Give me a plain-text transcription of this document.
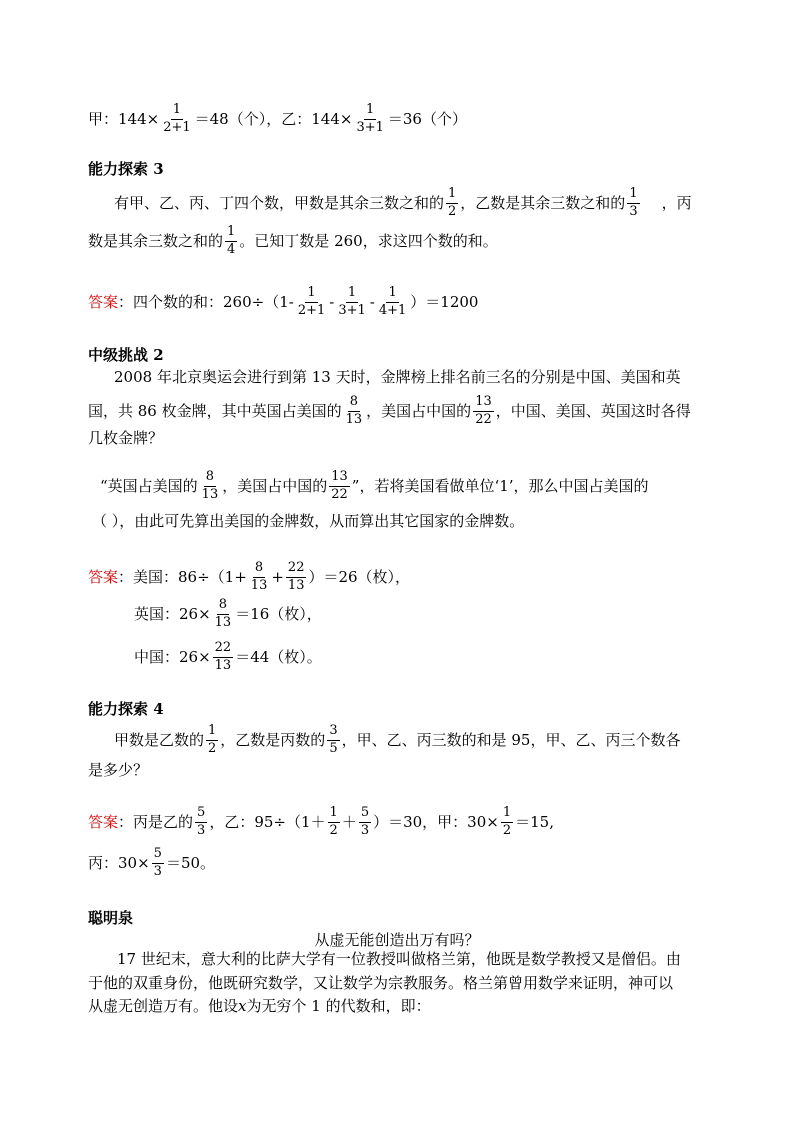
甲：$144\times \frac{1}{2+1} =48$（个），乙：$144\times \frac{1}{3+1} =36$（个）
能力探索 3
有甲、乙、丙、丁四个数，甲数是其余三数之和的 $\frac{1}{2}$ ，乙数是其余三数之和的 $\frac{1}{3}$ ，丙
数是其余三数之和的 $\frac{1}{4}$ 。已知丁数是 260，求这四个数的和。
答案 ：四个数的和：$260\div(1- \frac{1}{2+1} - \frac{1}{3+1} - \frac{1}{4+1} )=1200$
中级挑战 2
2008 年北京奥运会进行到第 13 天时，金牌榜上排名前三名的分别是中国、美国和英
国，共 86 枚金牌，其中英国占美国的 $\frac{8}{13}$ ，美国占中国的 $\frac{13}{22}$ ，中国、美国、英国这时各得
几枚金牌？
“英国占美国的 $\frac{8}{13}$ ，美国占中国的 $\frac{13}{22}$ ”，若将美国看做单位‘1’，那么中国占美国的
（ ），由此可先算出美国的金牌数，从而算出其它国家的金牌数。
答案 ：美国：$86\div(1+ \frac{8}{13} + \frac{22}{13} )=26$（枚），
英国：$26\times \frac{8}{13} =16$（枚），
中国：$26\times \frac{22}{13} =44$（枚）。
能力探索 4
甲数是乙数的 $\frac{1}{2}$ ，乙数是丙数的 $\frac{3}{5}$ ，甲、乙、丙三数的和是 95，甲、乙、丙三个数各
是多少？
答案 ：丙是乙的 $\frac{5}{3}$ ，乙：$95\div(1+ \frac{1}{2} + \frac{5}{3} )=30$，甲：$30\times \frac{1}{2} =15$,
丙：$30\times \frac{5}{3} =50$。
聪明泉
从虚无能创造出万有吗？
17 世纪末，意大利的比萨大学有一位教授叫做格兰第，他既是数学教授又是僧侣。由
于他的双重身份，他既研究数学，又让数学为宗教服务。格兰第曾用数学来证明，神可以
从虚无创造万有。他设 x 为无穷个 1 的代数和，即：
